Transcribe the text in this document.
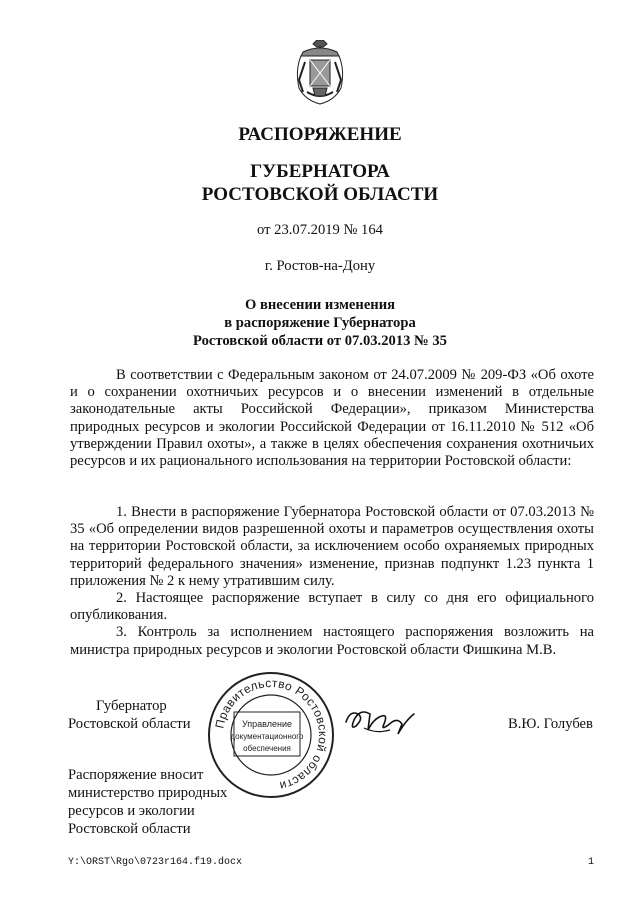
РАСПОРЯЖЕНИЕ
ГУБЕРНАТОРА
РОСТОВСКОЙ ОБЛАСТИ
от 23.07.2019 № 164
г. Ростов-на-Дону
О внесении изменения
в распоряжение Губернатора
Ростовской области от 07.03.2013 № 35

В соответствии с Федеральным законом от 24.07.2009 № 209-ФЗ «Об охоте и о сохранении охотничьих ресурсов и о внесении изменений в отдельные законодательные акты Российской Федерации», приказом Министерства природных ресурсов и экологии Российской Федерации от 16.11.2010 № 512 «Об утверждении Правил охоты», а также в целях обеспечения сохранения охотничьих ресурсов и их рационального использования на территории Ростовской области:

1. Внести в распоряжение Губернатора Ростовской области от 07.03.2013 № 35 «Об определении видов разрешенной охоты и параметров осуществления охоты на территории Ростовской области, за исключением особо охраняемых природных территорий федерального значения» изменение, признав подпункт 1.23 пункта 1 приложения № 2 к нему утратившим силу.

2. Настоящее распоряжение вступает в силу со дня его официального опубликования.

3. Контроль за исполнением настоящего распоряжения возложить на министра природных ресурсов и экологии Ростовской области Фишкина М.В.

Губернатор
Ростовской области Правительство Ростовской области
Управление
документационного
обеспечения
В.Ю. Голубев
Распоряжение вносит
министерство природных
ресурсов и экологии
Ростовской области
Y:\ORST\Rgo\0723r164.f19.docx	1
